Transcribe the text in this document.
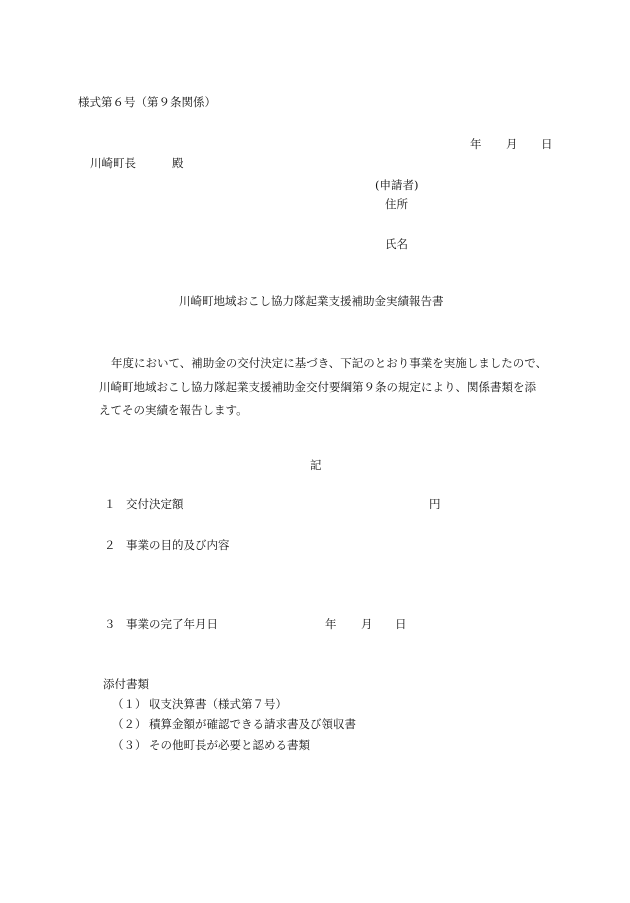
様式第６号（第９条関係）
年 月 日
川崎町長	殿
(申請者)
住所
氏名
川崎町地域おこし協力隊起業支援補助金実績報告書
年度において、補助金の交付決定に基づき、下記のとおり事業を実施しましたので、
川崎町地域おこし協力隊起業支援補助金交付要綱第９条の規定により、関係書類を添
えてその実績を報告します。
記
１ 交付決定額	円
２ 事業の目的及び内容
３ 事業の完了年月日	年 月 日
添付書類
（１） 収支決算書（様式第７号）
（２） 積算金額が確認できる請求書及び領収書
（３） その他町長が必要と認める書類
